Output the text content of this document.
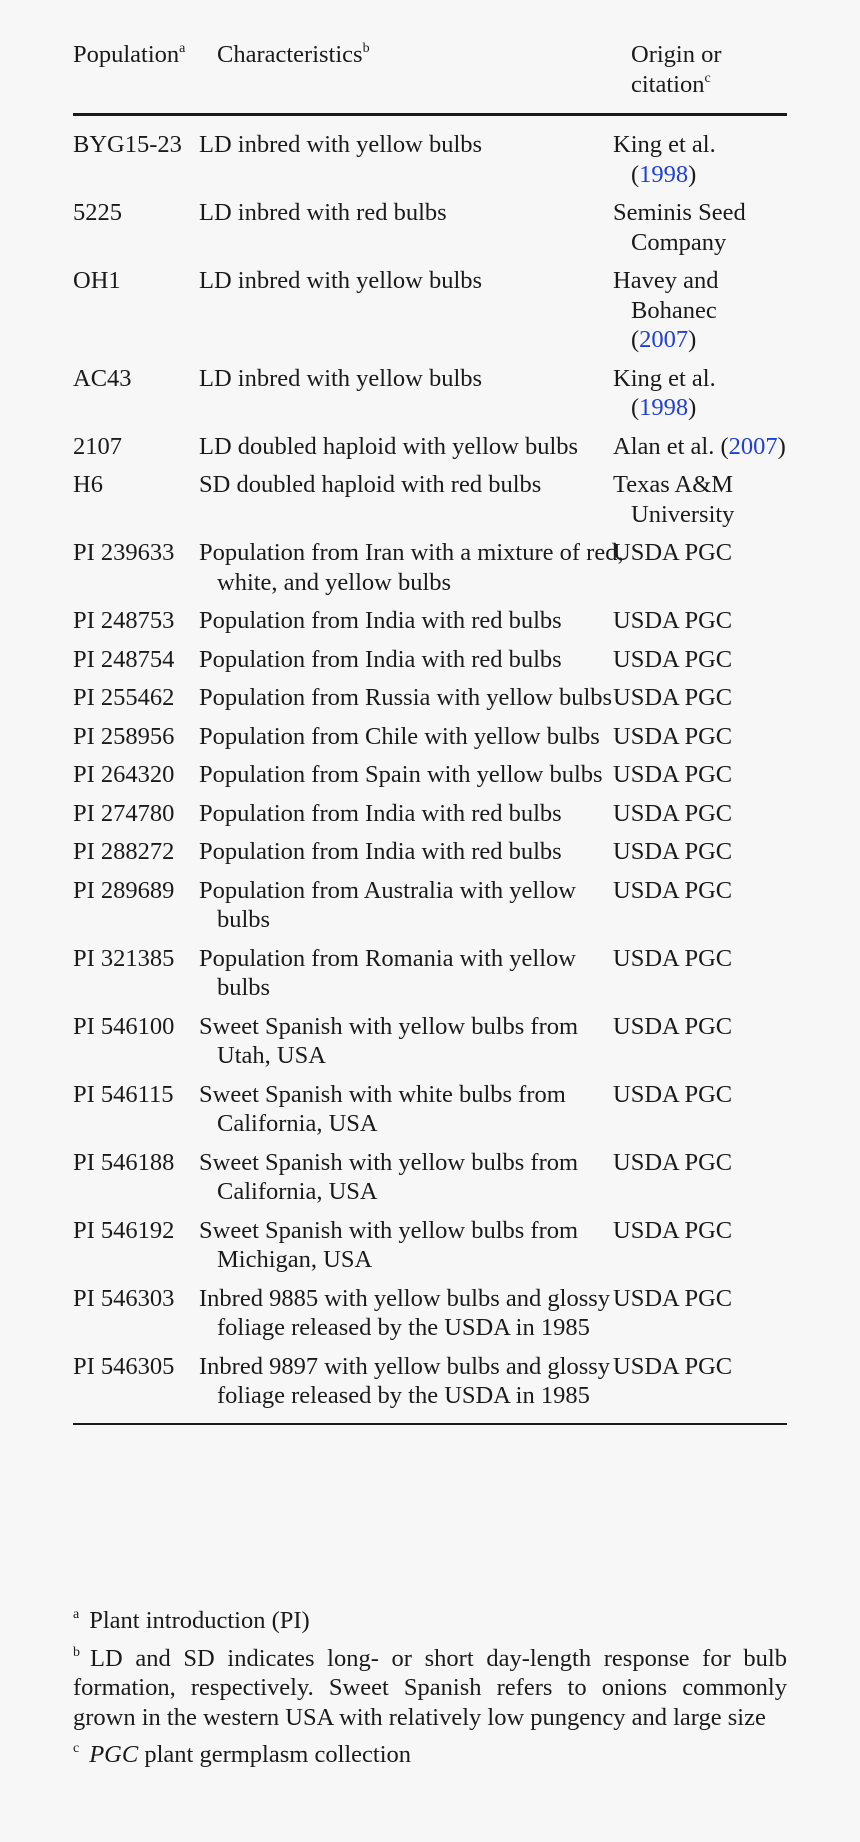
Population$^a$	Characteristics$^b$	Origin or citation$^c$
BYG15-23	LD inbred with yellow bulbs	King et al. (1998)
5225	LD inbred with red bulbs	Seminis Seed Company
OH1	LD inbred with yellow bulbs	Havey and Bohanec (2007)
AC43	LD inbred with yellow bulbs	King et al. (1998)
2107	LD doubled haploid with yellow bulbs	Alan et al. (2007)
H6	SD doubled haploid with red bulbs	Texas A&M University
PI 239633	Population from Iran with a mixture of red, white, and yellow bulbs	USDA PGC
PI 248753	Population from India with red bulbs	USDA PGC
PI 248754	Population from India with red bulbs	USDA PGC
PI 255462	Population from Russia with yellow bulbs	USDA PGC
PI 258956	Population from Chile with yellow bulbs	USDA PGC
PI 264320	Population from Spain with yellow bulbs	USDA PGC
PI 274780	Population from India with red bulbs	USDA PGC
PI 288272	Population from India with red bulbs	USDA PGC
PI 289689	Population from Australia with yellow bulbs	USDA PGC
PI 321385	Population from Romania with yellow bulbs	USDA PGC
PI 546100	Sweet Spanish with yellow bulbs from Utah, USA	USDA PGC
PI 546115	Sweet Spanish with white bulbs from California, USA	USDA PGC
PI 546188	Sweet Spanish with yellow bulbs from California, USA	USDA PGC
PI 546192	Sweet Spanish with yellow bulbs from Michigan, USA	USDA PGC
PI 546303	Inbred 9885 with yellow bulbs and glossy foliage released by the USDA in 1985	USDA PGC
PI 546305	Inbred 9897 with yellow bulbs and glossy foliage released by the USDA in 1985	USDA PGC

$^a$ Plant introduction (PI)

$^b$ LD and SD indicates long- or short day-length response for bulb formation, respectively. Sweet Spanish refers to onions commonly grown in the western USA with relatively low pungency and large size

$^c$ PGC plant germplasm collection
